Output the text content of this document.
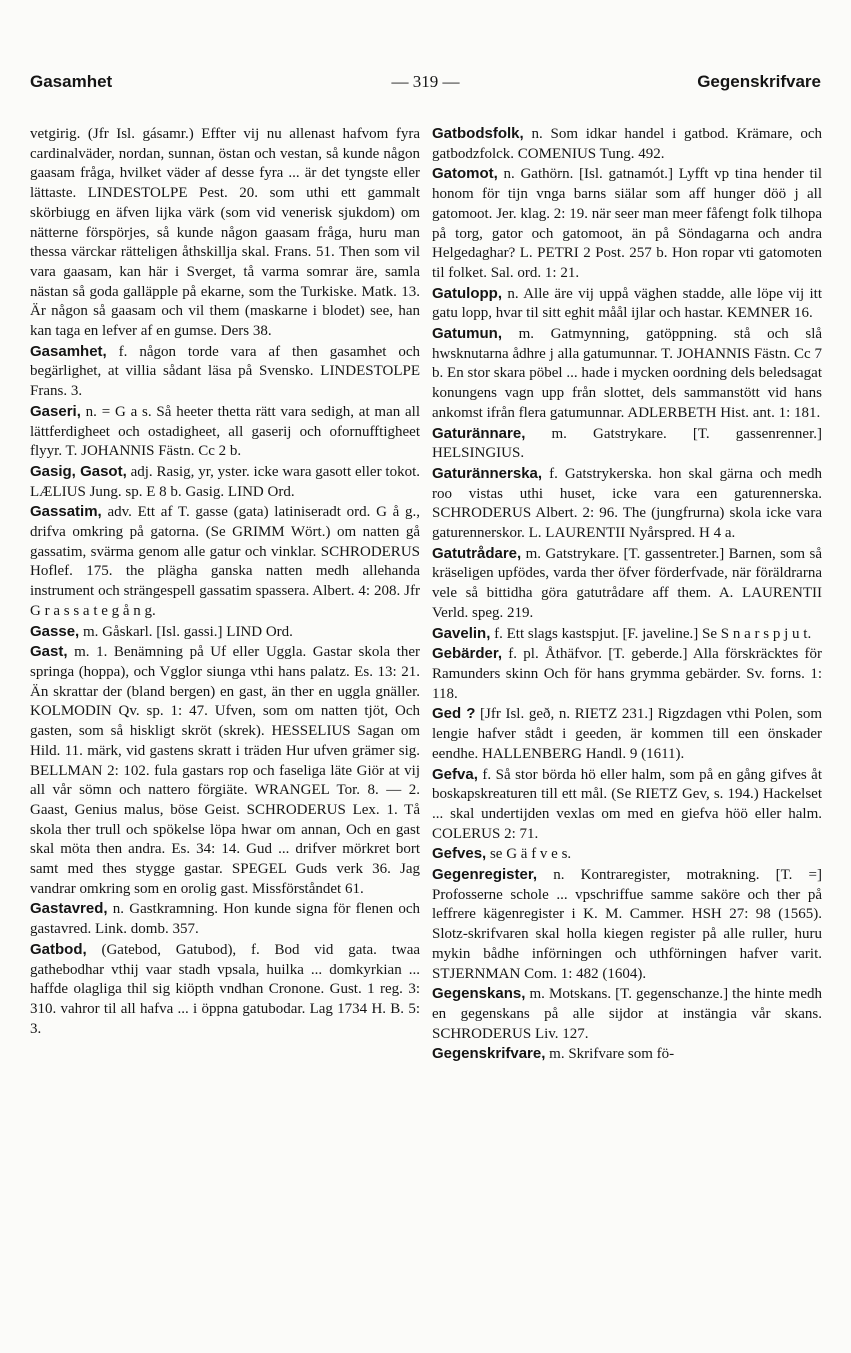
Gasamhet	— 319 —	Gegenskrifvare

vetgirig. (Jfr Isl. gásamr.) Effter vij nu allenast hafvom fyra cardinalväder, nordan, sunnan, östan och vestan, så kunde någon gaasam fråga, hvilket väder af desse fyra ... är det tyngste eller lättaste. LINDESTOLPE Pest. 20. som uthi ett gammalt skörbiugg en äfven lijka värk (som vid venerisk sjukdom) om nätterne förspörjes, så kunde någon gaasam fråga, huru man thessa värckar rätteligen åthskillja skal. Frans. 51. Then som vil vara gaasam, kan här i Sverget, tå varma somrar äre, samla nästan så goda galläpple på ekarne, som the Turkiske. Matk. 13. Är någon så gaasam och vil them (maskarne i blodet) see, han kan taga en lefver af en gumse. Ders 38.

Gasamhet, f. någon torde vara af then gasamhet och begärlighet, at villia sådant läsa på Svensko. LINDESTOLPE Frans. 3.

Gaseri, n. = G a s. Så heeter thetta rätt vara sedigh, at man all lättferdigheet och ostadigheet, all gaserij och ofornufftigheet flyyr. T. JOHANNIS Fästn. Cc 2 b.

Gasig, Gasot, adj. Rasig, yr, yster. icke wara gasott eller tokot. LÆLIUS Jung. sp. E 8 b. Gasig. LIND Ord.

Gassatim, adv. Ett af T. gasse (gata) latiniseradt ord. G å g., drifva omkring på gatorna. (Se GRIMM Wört.) om natten gå gassatim, svärma genom alle gatur och vinklar. SCHRODERUS Hoflef. 175. the plägha ganska natten medh allehanda instrument och strängespell gassatim spassera. Albert. 4: 208. Jfr G r a s s a t e g å n g.

Gasse, m. Gåskarl. [Isl. gassi.] LIND Ord.

Gast, m. 1. Benämning på Uf eller Uggla. Gastar skola ther springa (hoppa), och Vgglor siunga vthi hans palatz. Es. 13: 21. Än skrattar der (bland bergen) en gast, än ther en uggla gnäller. KOLMODIN Qv. sp. 1: 47. Ufven, som om natten tjöt, Och gasten, som så hiskligt skröt (skrek). HESSELIUS Sagan om Hild. 11. märk, vid gastens skratt i träden Hur ufven grämer sig. BELLMAN 2: 102. fula gastars rop och faseliga läte Giör at vij all vår sömn och nattero förgiäte. WRANGEL Tor. 8. — 2. Gaast, Genius malus, böse Geist. SCHRODERUS Lex. 1. Tå skola ther trull och spökelse löpa hwar om annan, Och en gast skal möta then andra. Es. 34: 14. Gud ... drifver mörkret bort samt med thes stygge gastar. SPEGEL Guds verk 36. Jag vandrar omkring som en orolig gast. Missförståndet 61.

Gastavred, n. Gastkramning. Hon kunde signa för flenen och gastavred. Link. domb. 357.

Gatbod, (Gatebod, Gatubod), f. Bod vid gata. twaa gathebodhar vthij vaar stadh vpsala, huilka ... domkyrkian ... haffde olagliga thil sig kiöpth vndhan Cronone. Gust. 1 reg. 3: 310. vahror til all hafva ... i öppna gatubodar. Lag 1734 H. B. 5: 3.

Gatbodsfolk, n. Som idkar handel i gatbod. Krämare, och gatbodzfolck. COMENIUS Tung. 492.

Gatomot, n. Gathörn. [Isl. gatnamót.] Lyfft vp tina hender til honom för tijn vnga barns siälar som aff hunger döö j all gatomoot. Jer. klag. 2: 19. när seer man meer fåfengt folk tilhopa på torg, gator och gatomoot, än på Söndagarna och andra Helgedaghar? L. PETRI 2 Post. 257 b. Hon ropar vti gatomoten til folket. Sal. ord. 1: 21.

Gatulopp, n. Alle äre vij uppå väghen stadde, alle löpe vij itt gatu lopp, hvar til sitt eghit måål ijlar och hastar. KEMNER 16.

Gatumun, m. Gatmynning, gatöppning. stå och slå hwsknutarna ådhre j alla gatumunnar. T. JOHANNIS Fästn. Cc 7 b. En stor skara pöbel ... hade i mycken oordning dels beledsagat konungens vagn upp från slottet, dels sammanstött vid hans ankomst ifrån flera gatumunnar. ADLERBETH Hist. ant. 1: 181.

Gaturännare, m. Gatstrykare. [T. gassenrenner.] HELSINGIUS.

Gaturännerska, f. Gatstrykerska. hon skal gärna och medh roo vistas uthi huset, icke vara een gaturennerska. SCHRODERUS Albert. 2: 96. The (jungfrurna) skola icke vara gaturennerskor. L. LAURENTII Nyårspred. H 4 a.

Gatutrådare, m. Gatstrykare. [T. gassentreter.] Barnen, som så kräseligen upfödes, varda ther öfver förderfvade, när föräldrarna vele så bittidha göra gatutrådare aff them. A. LAURENTII Verld. speg. 219.

Gavelin, f. Ett slags kastspjut. [F. javeline.] Se S n a r s p j u t.

Gebärder, f. pl. Åthäfvor. [T. geberde.] Alla förskräcktes för Ramunders skinn Och för hans grymma gebärder. Sv. forns. 1: 118.

Ged ? [Jfr Isl. geð, n. RIETZ 231.] Rigzdagen vthi Polen, som lengie hafver stådt i geeden, är kommen till een önskader eendhe. HALLENBERG Handl. 9 (1611).

Gefva, f. Så stor börda hö eller halm, som på en gång gifves åt boskapskreaturen till ett mål. (Se RIETZ Gev, s. 194.) Hackelset ... skal undertijden vexlas om med en giefva höö eller halm. COLERUS 2: 71.

Gefves, se G ä f v e s.

Gegenregister, n. Kontraregister, motrakning. [T. =] Profosserne schole ... vpschriffue samme saköre och ther på leffrere kägenregister i K. M. Cammer. HSH 27: 98 (1565). Slotz-skrifvaren skal holla kiegen register på alle ruller, huru mykin bådhe införningen och uthförningen hafver varit. STJERNMAN Com. 1: 482 (1604).

Gegenskans, m. Motskans. [T. gegenschanze.] the hinte medh en gegenskans på alle sijdor at instängia vår skans. SCHRODERUS Liv. 127.

Gegenskrifvare, m. Skrifvare som fö-
